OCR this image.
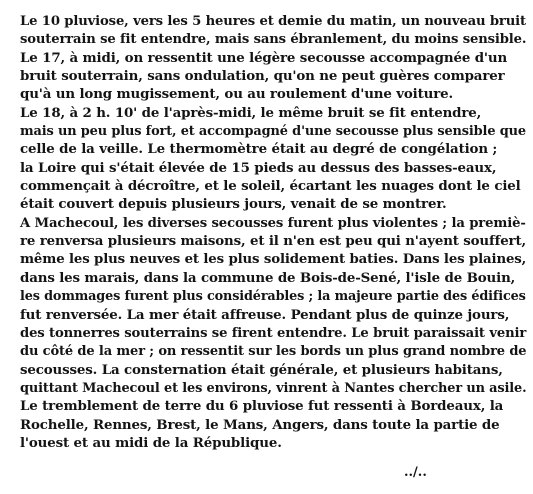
Le 10 pluviose, vers les 5 heures et demie du matin, un nouveau bruit
souterrain se fit entendre, mais sans ébranlement, du moins sensible.
Le 17, à midi, on ressentit une légère secousse accompagnée d'un
bruit souterrain, sans ondulation, qu'on ne peut guères comparer
qu'à un long mugissement, ou au roulement d'une voiture.
Le 18, à 2 h. 10' de l'après-midi, le même bruit se fit entendre,
mais un peu plus fort, et accompagné d'une secousse plus sensible que
celle de la veille. Le thermomètre était au degré de congélation ;
la Loire qui s'était élevée de 15 pieds au dessus des basses-eaux,
commençait à décroître, et le soleil, écartant les nuages dont le ciel
était couvert depuis plusieurs jours, venait de se montrer.
A Machecoul, les diverses secousses furent plus violentes ; la premiè-
re renversa plusieurs maisons, et il n'en est peu qui n'ayent souffert,
même les plus neuves et les plus solidement baties. Dans les plaines,
dans les marais, dans la commune de Bois-de-Sené, l'isle de Bouin,
les dommages furent plus considérables ; la majeure partie des édifices
fut renversée. La mer était affreuse. Pendant plus de quinze jours,
des tonnerres souterrains se firent entendre. Le bruit paraissait venir
du côté de la mer ; on ressentit sur les bords un plus grand nombre de
secousses. La consternation était générale, et plusieurs habitans,
quittant Machecoul et les environs, vinrent à Nantes chercher un asile.
Le tremblement de terre du 6 pluviose fut ressenti à Bordeaux, la
Rochelle, Rennes, Brest, le Mans, Angers, dans toute la partie de
l'ouest et au midi de la République.
../..
